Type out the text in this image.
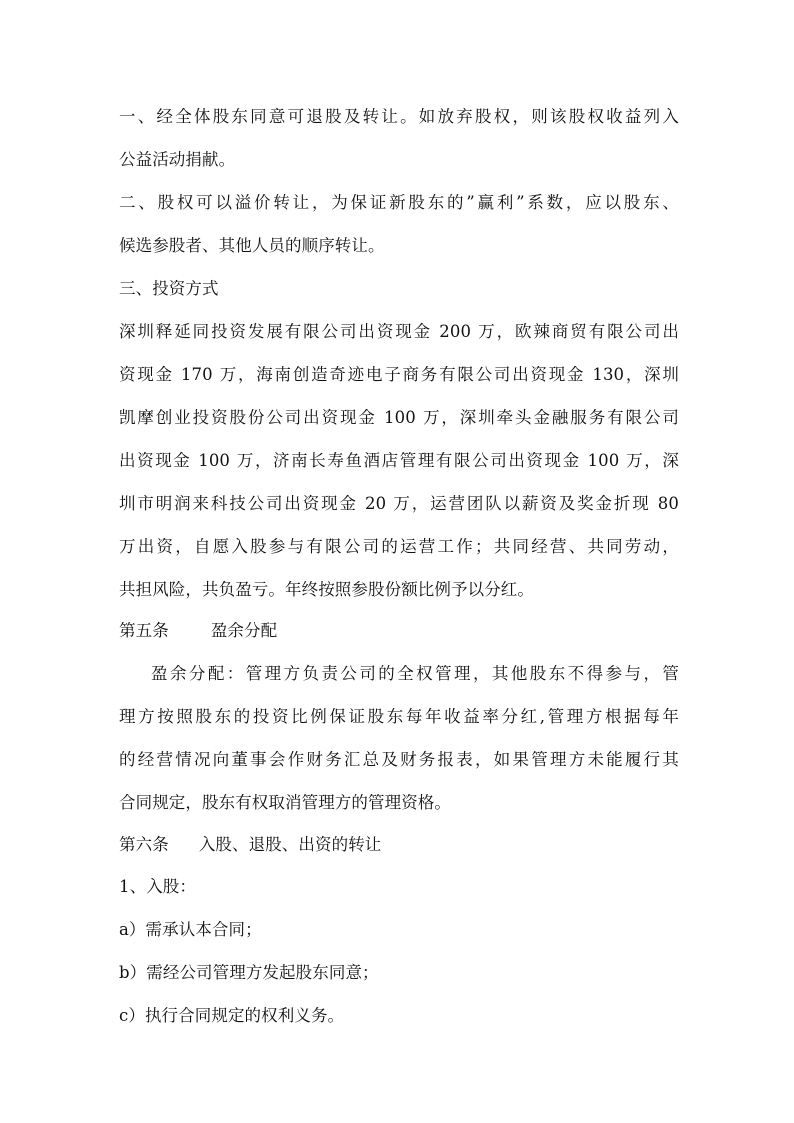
一、经全体股东同意可退股及转让。如放弃股权，则该股权收益列入
公益活动捐献。
二、股权可以溢价转让，为保证新股东的”赢利”系数，应以股东、
候选参股者、其他人员的顺序转让。
三、投资方式
深圳释延同投资发展有限公司出资现金 200 万，欧辣商贸有限公司出
资现金 170 万，海南创造奇迹电子商务有限公司出资现金 130，深圳
凯摩创业投资股份公司出资现金 100 万，深圳牵头金融服务有限公司
出资现金 100 万，济南长寿鱼酒店管理有限公司出资现金 100 万，深
圳市明润来科技公司出资现金 20 万，运营团队以薪资及奖金折现 80
万出资，自愿入股参与有限公司的运营工作；共同经营、共同劳动，
共担风险，共负盈亏。年终按照参股份额比例予以分红。
第五条	盈余分配
盈余分配：管理方负责公司的全权管理，其他股东不得参与，管
理方按照股东的投资比例保证股东每年收益率分红,管理方根据每年
的经营情况向董事会作财务汇总及财务报表，如果管理方未能履行其
合同规定，股东有权取消管理方的管理资格。
第六条 入股、退股、出资的转让
1、入股：
a）需承认本合同；
b）需经公司管理方发起股东同意；
c）执行合同规定的权利义务。
